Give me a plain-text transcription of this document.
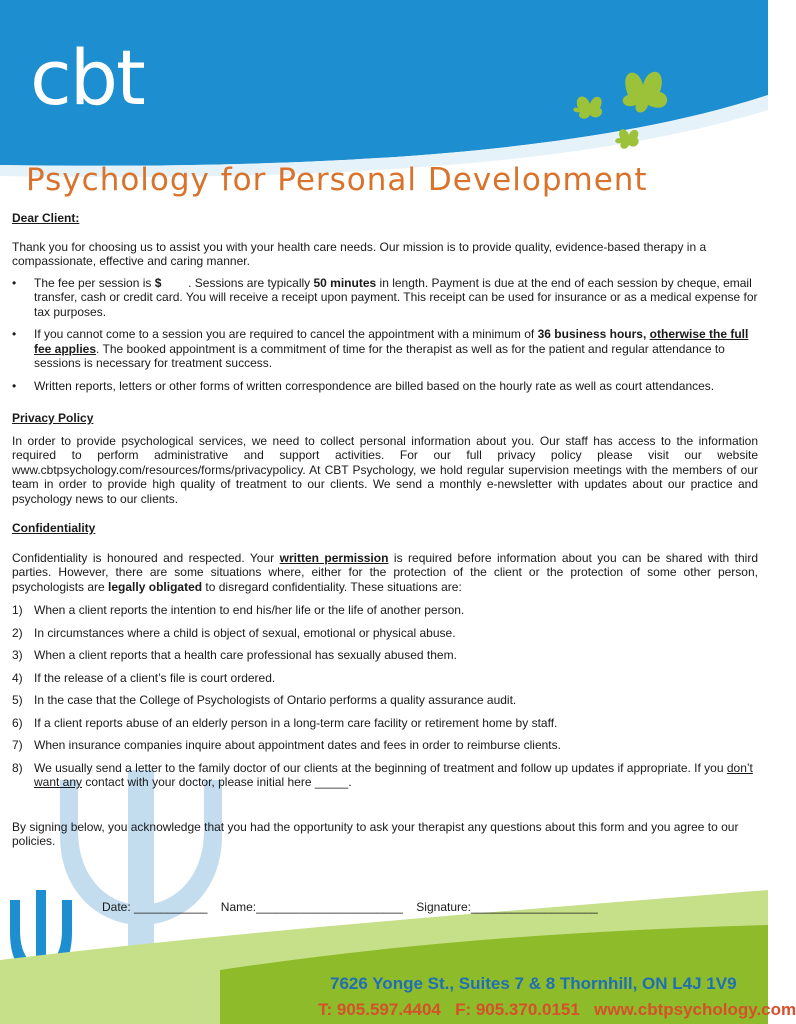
cbt
Psychology for Personal Development
7626 Yonge St., Suites 7 & 8 Thornhill, ON L4J 1V9
T: 905.597.4404 F: 905.370.0151 www.cbtpsychology.com

Dear Client:

Thank you for choosing us to assist you with your health care needs. Our mission is to provide quality, evidence-based therapy in a compassionate, effective and caring manner.

• The fee per session is $        . Sessions are typically 50 minutes in length. Payment is due at the end of each session by cheque, email transfer, cash or credit card. You will receive a receipt upon payment. This receipt can be used for insurance or as a medical expense for tax purposes.

• If you cannot come to a session you are required to cancel the appointment with a minimum of 36 business hours, otherwise the full fee applies. The booked appointment is a commitment of time for the therapist as well as for the patient and regular attendance to sessions is necessary for treatment success.

• Written reports, letters or other forms of written correspondence are billed based on the hourly rate as well as court attendances.

Privacy Policy

In order to provide psychological services, we need to collect personal information about you. Our staff has access to the information required to perform administrative and support activities. For our full privacy policy please visit our website www.cbtpsychology.com/resources/forms/privacypolicy. At CBT Psychology, we hold regular supervision meetings with the members of our team in order to provide high quality of treatment to our clients. We send a monthly e-newsletter with updates about our practice and psychology news to our clients.

Confidentiality

Confidentiality is honoured and respected. Your written permission is required before information about you can be shared with third parties. However, there are some situations where, either for the protection of the client or the protection of some other person, psychologists are legally obligated to disregard confidentiality. These situations are:

1) When a client reports the intention to end his/her life or the life of another person.

2) In circumstances where a child is object of sexual, emotional or physical abuse.

3) When a client reports that a health care professional has sexually abused them.

4) If the release of a client’s file is court ordered.

5) In the case that the College of Psychologists of Ontario performs a quality assurance audit.

6) If a client reports abuse of an elderly person in a long-term care facility or retirement home by staff.

7) When insurance companies inquire about appointment dates and fees in order to reimburse clients.

8) We usually send a letter to the family doctor of our clients at the beginning of treatment and follow up updates if appropriate. If you don’t want any contact with your doctor, please initial here _____.

By signing below, you acknowledge that you had the opportunity to ask your therapist any questions about this form and you agree to our policies.

Date: ___________ Name:______________________ Signature:___________________
